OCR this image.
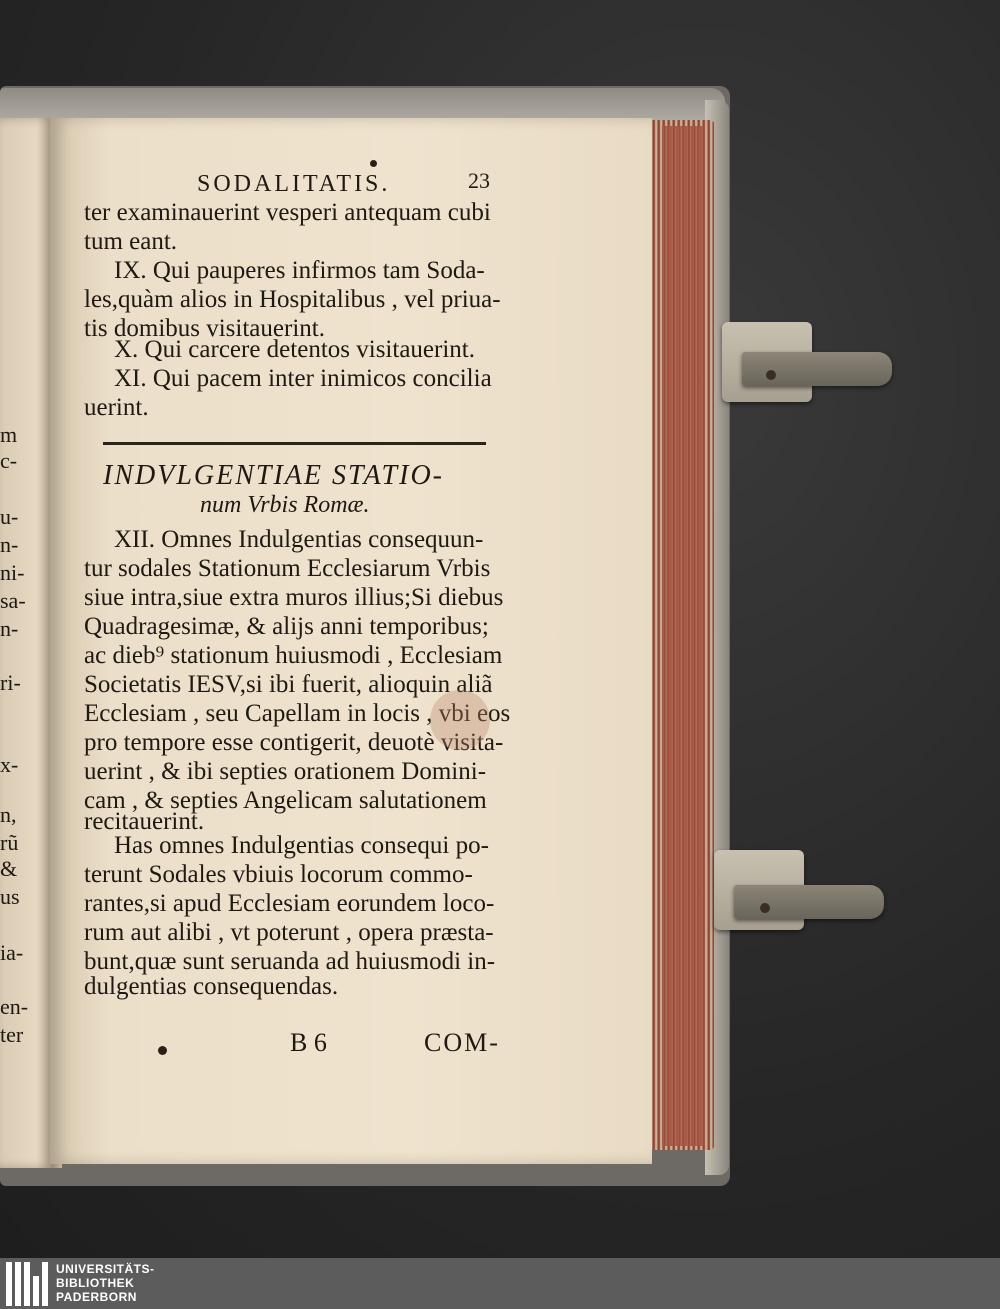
m
c-
u-
n-
ni-
sa-
n-
ri-
x-
n,
rũ
&
us
ia-
en-
ter
SODALITATIS.	23
ter examinauerint vesperi antequam cubi
tum eant.
IX. Qui pauperes infirmos tam Soda-
les,quàm alios in Hospitalibus , vel priua-
tis domibus visitauerint.
X. Qui carcere detentos visitauerint.
XI. Qui pacem inter inimicos concilia
uerint.
INDVLGENTIAE STATIO-
num Vrbis Romæ.
XII. Omnes Indulgentias consequun-
tur sodales Stationum Ecclesiarum Vrbis
siue intra,siue extra muros illius;Si diebus
Quadragesimæ, & alijs anni temporibus;
ac dieb⁹ stationum huiusmodi , Ecclesiam
Societatis IESV,si ibi fuerit, alioquin aliã
Ecclesiam , seu Capellam in locis , vbi eos
pro tempore esse contigerit, deuotè visita-
uerint , & ibi septies orationem Domini-
cam , & septies Angelicam salutationem
recitauerint.
Has omnes Indulgentias consequi po-
terunt Sodales vbiuis locorum commo-
rantes,si apud Ecclesiam eorundem loco-
rum aut alibi , vt poterunt , opera præsta-
bunt,quæ sunt seruanda ad huiusmodi in-
dulgentias consequendas.
B 6	COM-
UNIVERSITÄTS-
BIBLIOTHEK
PADERBORN
